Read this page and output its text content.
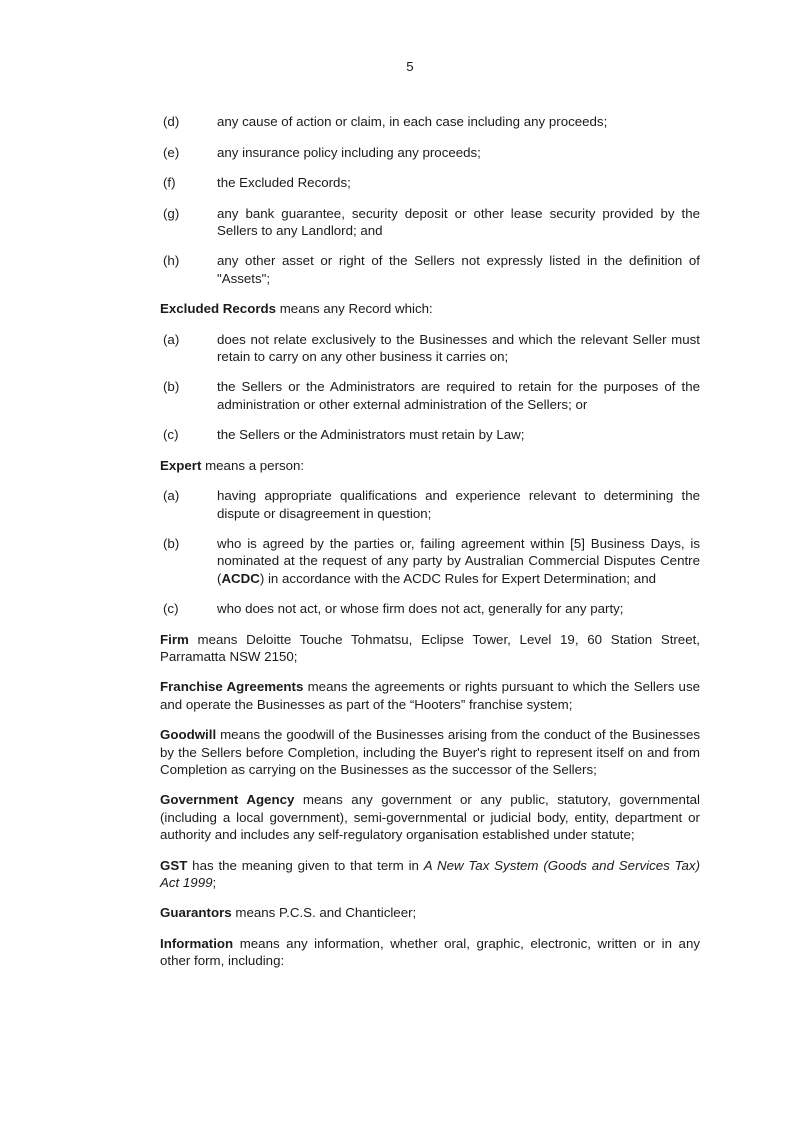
5
(d)	any cause of action or claim, in each case including any proceeds;
(e)	any insurance policy including any proceeds;
(f)	the Excluded Records;
(g)	any bank guarantee, security deposit or other lease security provided by the Sellers to any Landlord; and
(h)	any other asset or right of the Sellers not expressly listed in the definition of "Assets";
Excluded Records means any Record which:
(a)	does not relate exclusively to the Businesses and which the relevant Seller must retain to carry on any other business it carries on;
(b)	the Sellers or the Administrators are required to retain for the purposes of the administration or other external administration of the Sellers; or
(c)	the Sellers or the Administrators must retain by Law;
Expert means a person:
(a)	having appropriate qualifications and experience relevant to determining the dispute or disagreement in question;
(b)	who is agreed by the parties or, failing agreement within [5] Business Days, is nominated at the request of any party by Australian Commercial Disputes Centre (ACDC) in accordance with the ACDC Rules for Expert Determination; and
(c)	who does not act, or whose firm does not act, generally for any party;
Firm means Deloitte Touche Tohmatsu, Eclipse Tower, Level 19, 60 Station Street, Parramatta NSW 2150;
Franchise Agreements means the agreements or rights pursuant to which the Sellers use and operate the Businesses as part of the “Hooters” franchise system;
Goodwill means the goodwill of the Businesses arising from the conduct of the Businesses by the Sellers before Completion, including the Buyer's right to represent itself on and from Completion as carrying on the Businesses as the successor of the Sellers;
Government Agency means any government or any public, statutory, governmental (including a local government), semi-governmental or judicial body, entity, department or authority and includes any self-regulatory organisation established under statute;
GST has the meaning given to that term in A New Tax System (Goods and Services Tax) Act 1999;
Guarantors means P.C.S. and Chanticleer;
Information means any information, whether oral, graphic, electronic, written or in any other form, including:
